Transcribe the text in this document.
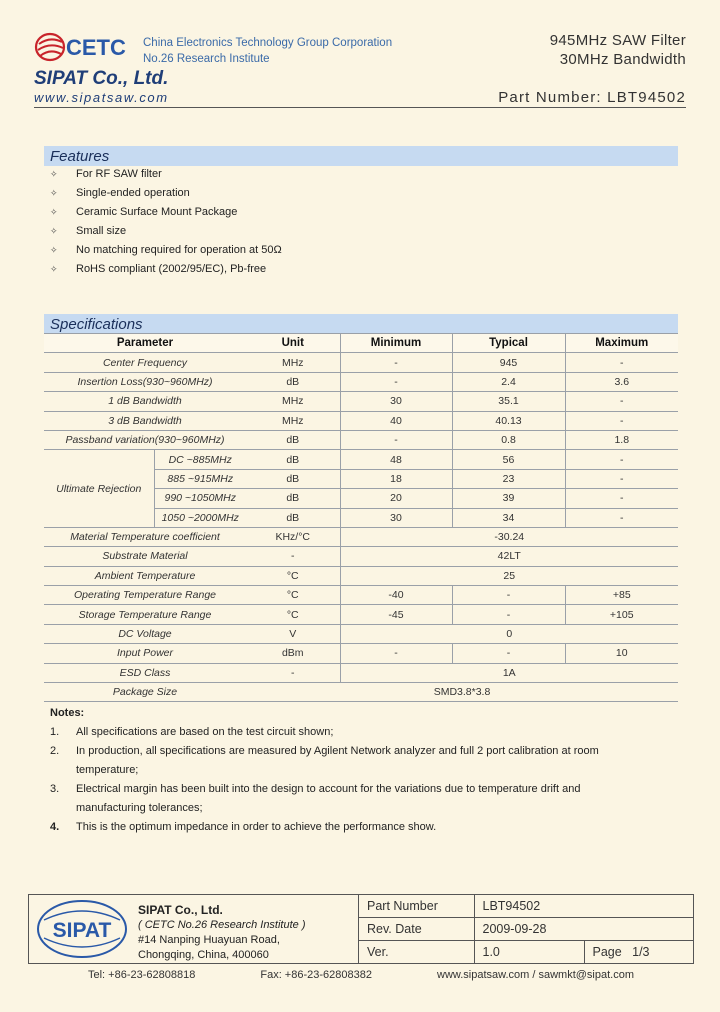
CETC China Electronics Technology Group Corporation
No.26 Research Institute
945MHz SAW Filter
30MHz Bandwidth
SIPAT Co., Ltd.
www.sipatsaw.com	Part Number: LBT94502
Features
✧	For RF SAW filter
✧	Single-ended operation
✧	Ceramic Surface Mount Package
✧	Small size
✧	No matching required for operation at 50Ω
✧	RoHS compliant (2002/95/EC), Pb-free
Specifications
Parameter		Unit	Minimum	Typical	Maximum
Center Frequency		MHz	-	945	-
Insertion Loss(930~960MHz)		dB	-	2.4	3.6
1 dB Bandwidth		MHz	30	35.1	-
3 dB Bandwidth		MHz	40	40.13	-
Passband variation(930~960MHz)		dB	-	0.8	1.8
Ultimate Rejection	DC ~885MHz	dB	48	56	-
	885 ~915MHz	dB	18	23	-
	990 ~1050MHz	dB	20	39	-
	1050 ~2000MHz	dB	30	34	-
Material Temperature coefficient		KHz/°C	-30.24		
Substrate Material		-	42LT		
Ambient Temperature		°C	25		
Operating Temperature Range		°C	-40	-	+85
Storage Temperature Range		°C	-45	-	+105
DC Voltage		V	0		
Input Power		dBm	-	-	10
ESD Class		-	1A		
Package Size		SMD3.8*3.8			
Notes:
1.	All specifications are based on the test circuit shown;
2.	In production, all specifications are measured by Agilent Network analyzer and full 2 port calibration at room
temperature;
3.	Electrical margin has been built into the design to account for the variations due to temperature drift and
manufacturing tolerances;
4.	This is the optimum impedance in order to achieve the performance show.
SIPAT
SIPAT Co., Ltd.
( CETC No.26 Research Institute )
#14 Nanping Huayuan Road,
Chongqing, China, 400060
Part Number	LBT94502	
Rev. Date	2009-09-28	
Ver.	1.0	Page 1/3
Tel: +86-23-62808818	Fax: +86-23-62808382	www.sipatsaw.com / sawmkt@sipat.com
